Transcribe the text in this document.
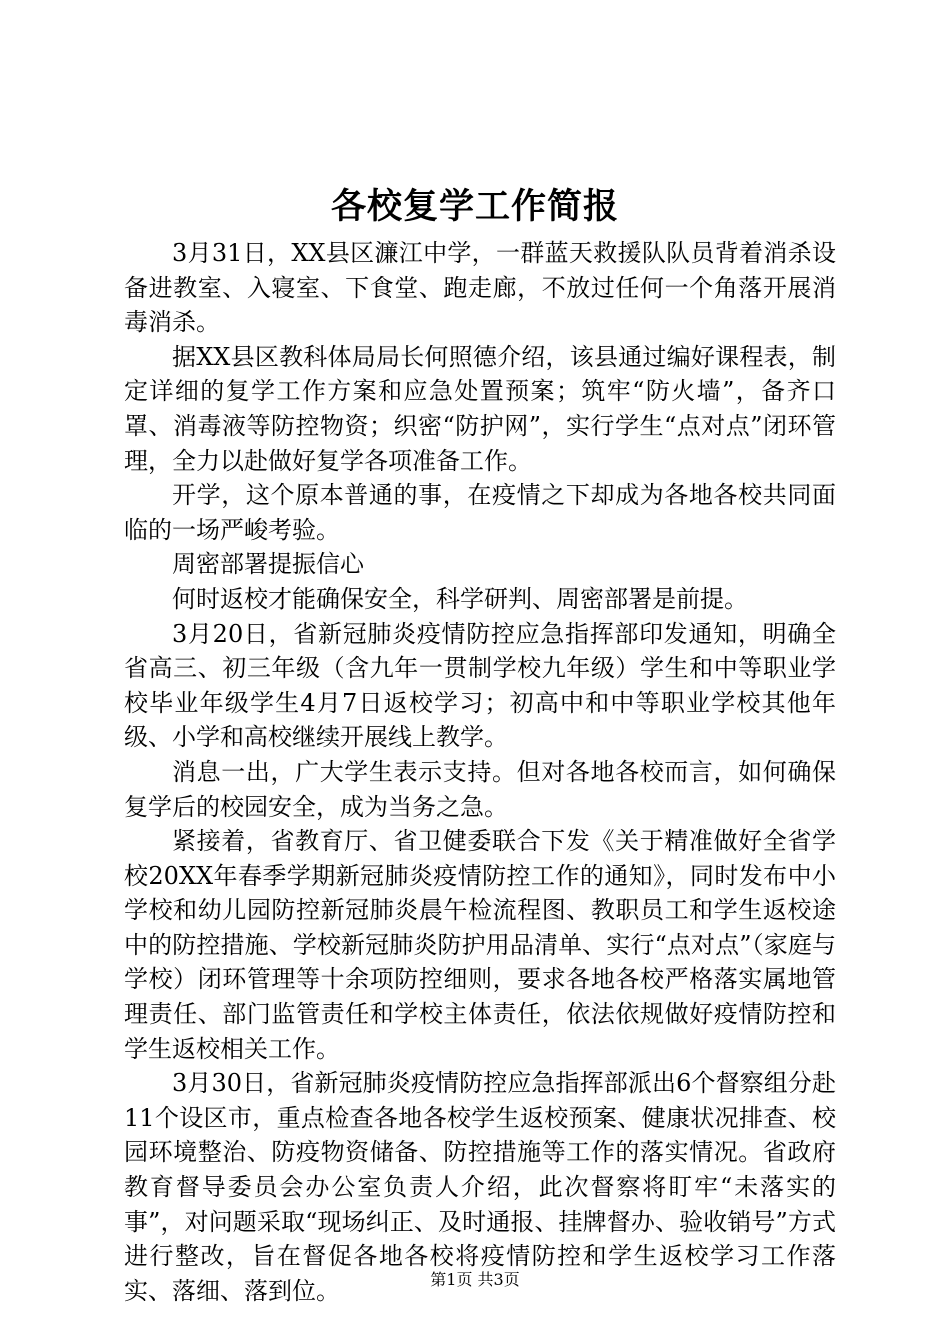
各校复学工作简报

3月31日，XX县区濂江中学，一群蓝天救援队队员背着消杀设备进教室、入寝室、下食堂、跑走廊，不放过任何一个角落开展消毒消杀。

据XX县区教科体局局长何照德介绍，该县通过编好课程表，制定详细的复学工作方案和应急处置预案；筑牢“防火墙”，备齐口罩、消毒液等防控物资；织密“防护网”，实行学生“点对点”闭环管理，全力以赴做好复学各项准备工作。

开学，这个原本普通的事，在疫情之下却成为各地各校共同面临的一场严峻考验。

周密部署提振信心

何时返校才能确保安全，科学研判、周密部署是前提。

3月20日，省新冠肺炎疫情防控应急指挥部印发通知，明确全省高三、初三年级（含九年一贯制学校九年级）学生和中等职业学校毕业年级学生4月7日返校学习；初高中和中等职业学校其他年级、小学和高校继续开展线上教学。

消息一出，广大学生表示支持。但对各地各校而言，如何确保复学后的校园安全，成为当务之急。

紧接着，省教育厅、省卫健委联合下发《关于精准做好全省学校20XX年春季学期新冠肺炎疫情防控工作的通知》，同时发布中小学校和幼儿园防控新冠肺炎晨午检流程图、教职员工和学生返校途中的防控措施、学校新冠肺炎防护用品清单、实行“点对点”（家庭与学校）闭环管理等十余项防控细则，要求各地各校严格落实属地管理责任、部门监管责任和学校主体责任，依法依规做好疫情防控和学生返校相关工作。

3月30日，省新冠肺炎疫情防控应急指挥部派出6个督察组分赴11个设区市，重点检查各地各校学生返校预案、健康状况排查、校园环境整治、防疫物资储备、防控措施等工作的落实情况。省政府教育督导委员会办公室负责人介绍，此次督察将盯牢“未落实的事”，对问题采取“现场纠正、及时通报、挂牌督办、验收销号”方式进行整改，旨在督促各地各校将疫情防控和学生返校学习工作落实、落细、落到位。	第1页 共3页
